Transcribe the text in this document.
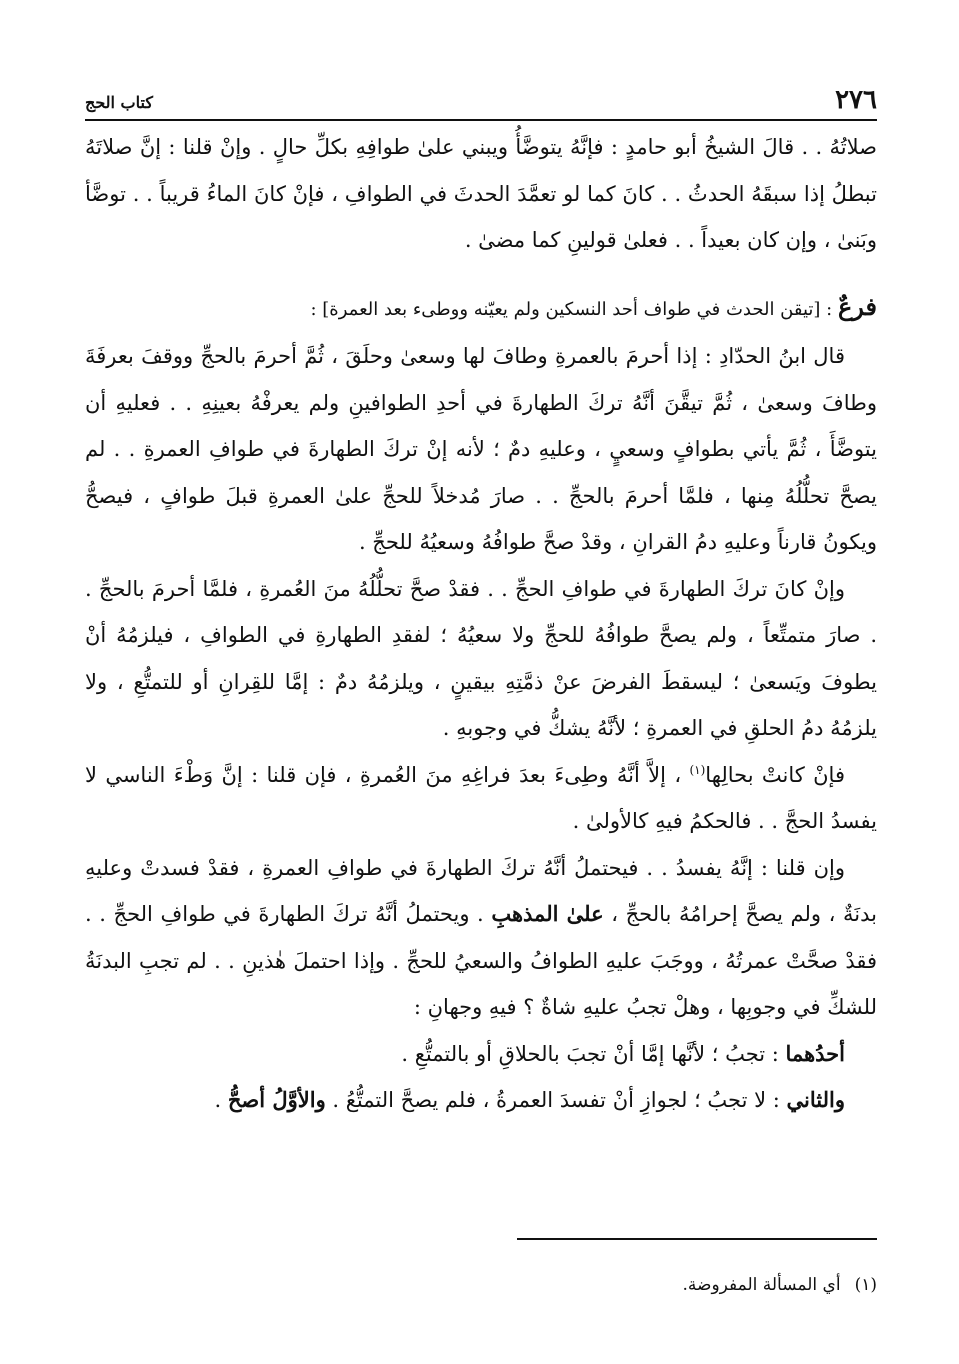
٢٧٦
كتاب الحج

صلاتُهُ . . قالَ الشيخُ أبو حامدٍ : فإنَّهُ يتوضَّأُ ويبني علىٰ طوافِهِ بكلِّ حالٍ . وإنْ قلنا : إنَّ صلاتَهُ تبطلُ إذا سبقَهُ الحدثُ . . كانَ كما لو تعمَّدَ الحدثَ في الطوافِ ، فإنْ كانَ الماءُ قريباً . . توضَّأ وبَنىٰ ، وإن كان بعيداً . . فعلىٰ قولينِ كما مضىٰ .

فرعٌ : [تيقن الحدث في طواف أحد النسكين ولم يعيّنه ووطىء بعد العمرة] :

قال ابنُ الحدّادِ : إذا أحرمَ بالعمرةِ وطافَ لها وسعىٰ وحلَقَ ، ثُمَّ أحرمَ بالحجِّ ووقفَ بعرفَةَ وطافَ وسعىٰ ، ثُمَّ تيقَّنَ أنَّهُ تركَ الطهارةَ في أحدِ الطوافينِ ولم يعرفْهُ بعينِهِ . . فعليهِ أن يتوضَّأَ ، ثُمَّ يأتي بطوافٍ وسعيٍ ، وعليهِ دمٌ ؛ لأنه إنْ تركَ الطهارةَ في طوافِ العمرةِ . . لم يصحَّ تحلُّلُهُ مِنها ، فلمَّا أحرمَ بالحجِّ . . صارَ مُدخلاً للحجِّ علىٰ العمرةِ قبلَ طوافٍ ، فيصحُّ ويكونُ قارناً وعليهِ دمُ القرانِ ، وقدْ صحَّ طوافُهُ وسعيُهُ للحجِّ .

وإنْ كانَ تركَ الطهارةَ في طوافِ الحجِّ . . فقدْ صحَّ تحلُّلُهُ منَ العُمرةِ ، فلمَّا أحرمَ بالحجِّ . . صارَ متمتِّعاً ، ولم يصحَّ طوافُهُ للحجِّ ولا سعيُهُ ؛ لفقدِ الطهارةِ في الطوافِ ، فيلزمُهُ أنْ يطوفَ ويَسعىٰ ؛ ليسقطَ الفرضَ عنْ ذمَّتِهِ بيقينٍ ، ويلزمُهُ دمٌ : إمَّا للقِرانِ أو للتمتُّعِ ، ولا يلزمُهُ دمُ الحلقِ في العمرةِ ؛ لأنَّهُ يشكُّ في وجوبهِ .

فإنْ كانتْ بحالِها$^{(١)}$ ، إلاَّ أنَّهُ وطِىءَ بعدَ فراغِهِ منَ العُمرةِ ، فإن قلنا : إنَّ وَطْءَ الناسي لا يفسدُ الحجَّ . . فالحكمُ فيهِ كالأولىٰ .

وإن قلنا : إنَّهُ يفسدُ . . فيحتملُ أنَّهُ تركَ الطهارةَ في طوافِ العمرةِ ، فقدْ فسدتْ وعليهِ بدنَةٌ ، ولم يصحَّ إحرامُهُ بالحجِّ ، علىٰ المذهبِ . ويحتملُ أنَّهُ تركَ الطهارةَ في طوافِ الحجِّ . . فقدْ صحَّتْ عمرتُهُ ، ووجَبَ عليهِ الطوافُ والسعيُ للحجِّ . وإذا احتملَ هٰذينِ . . لم تجبِ البدنَةُ للشكِّ في وجوبِها ، وهلْ تجبُ عليهِ شاةٌ ؟ فيهِ وجهانِ :

أحدُهما : تجبُ ؛ لأنَّها إمَّا أنْ تجبَ بالحلاقِ أو بالتمتُّعِ .

والثاني : لا تجبُ ؛ لجوازِ أنْ تفسدَ العمرةُ ، فلم يصحَّ التمتُّعُ . والأوَّلُ أصحُّ .

(١)أي المسألة المفروضة.
